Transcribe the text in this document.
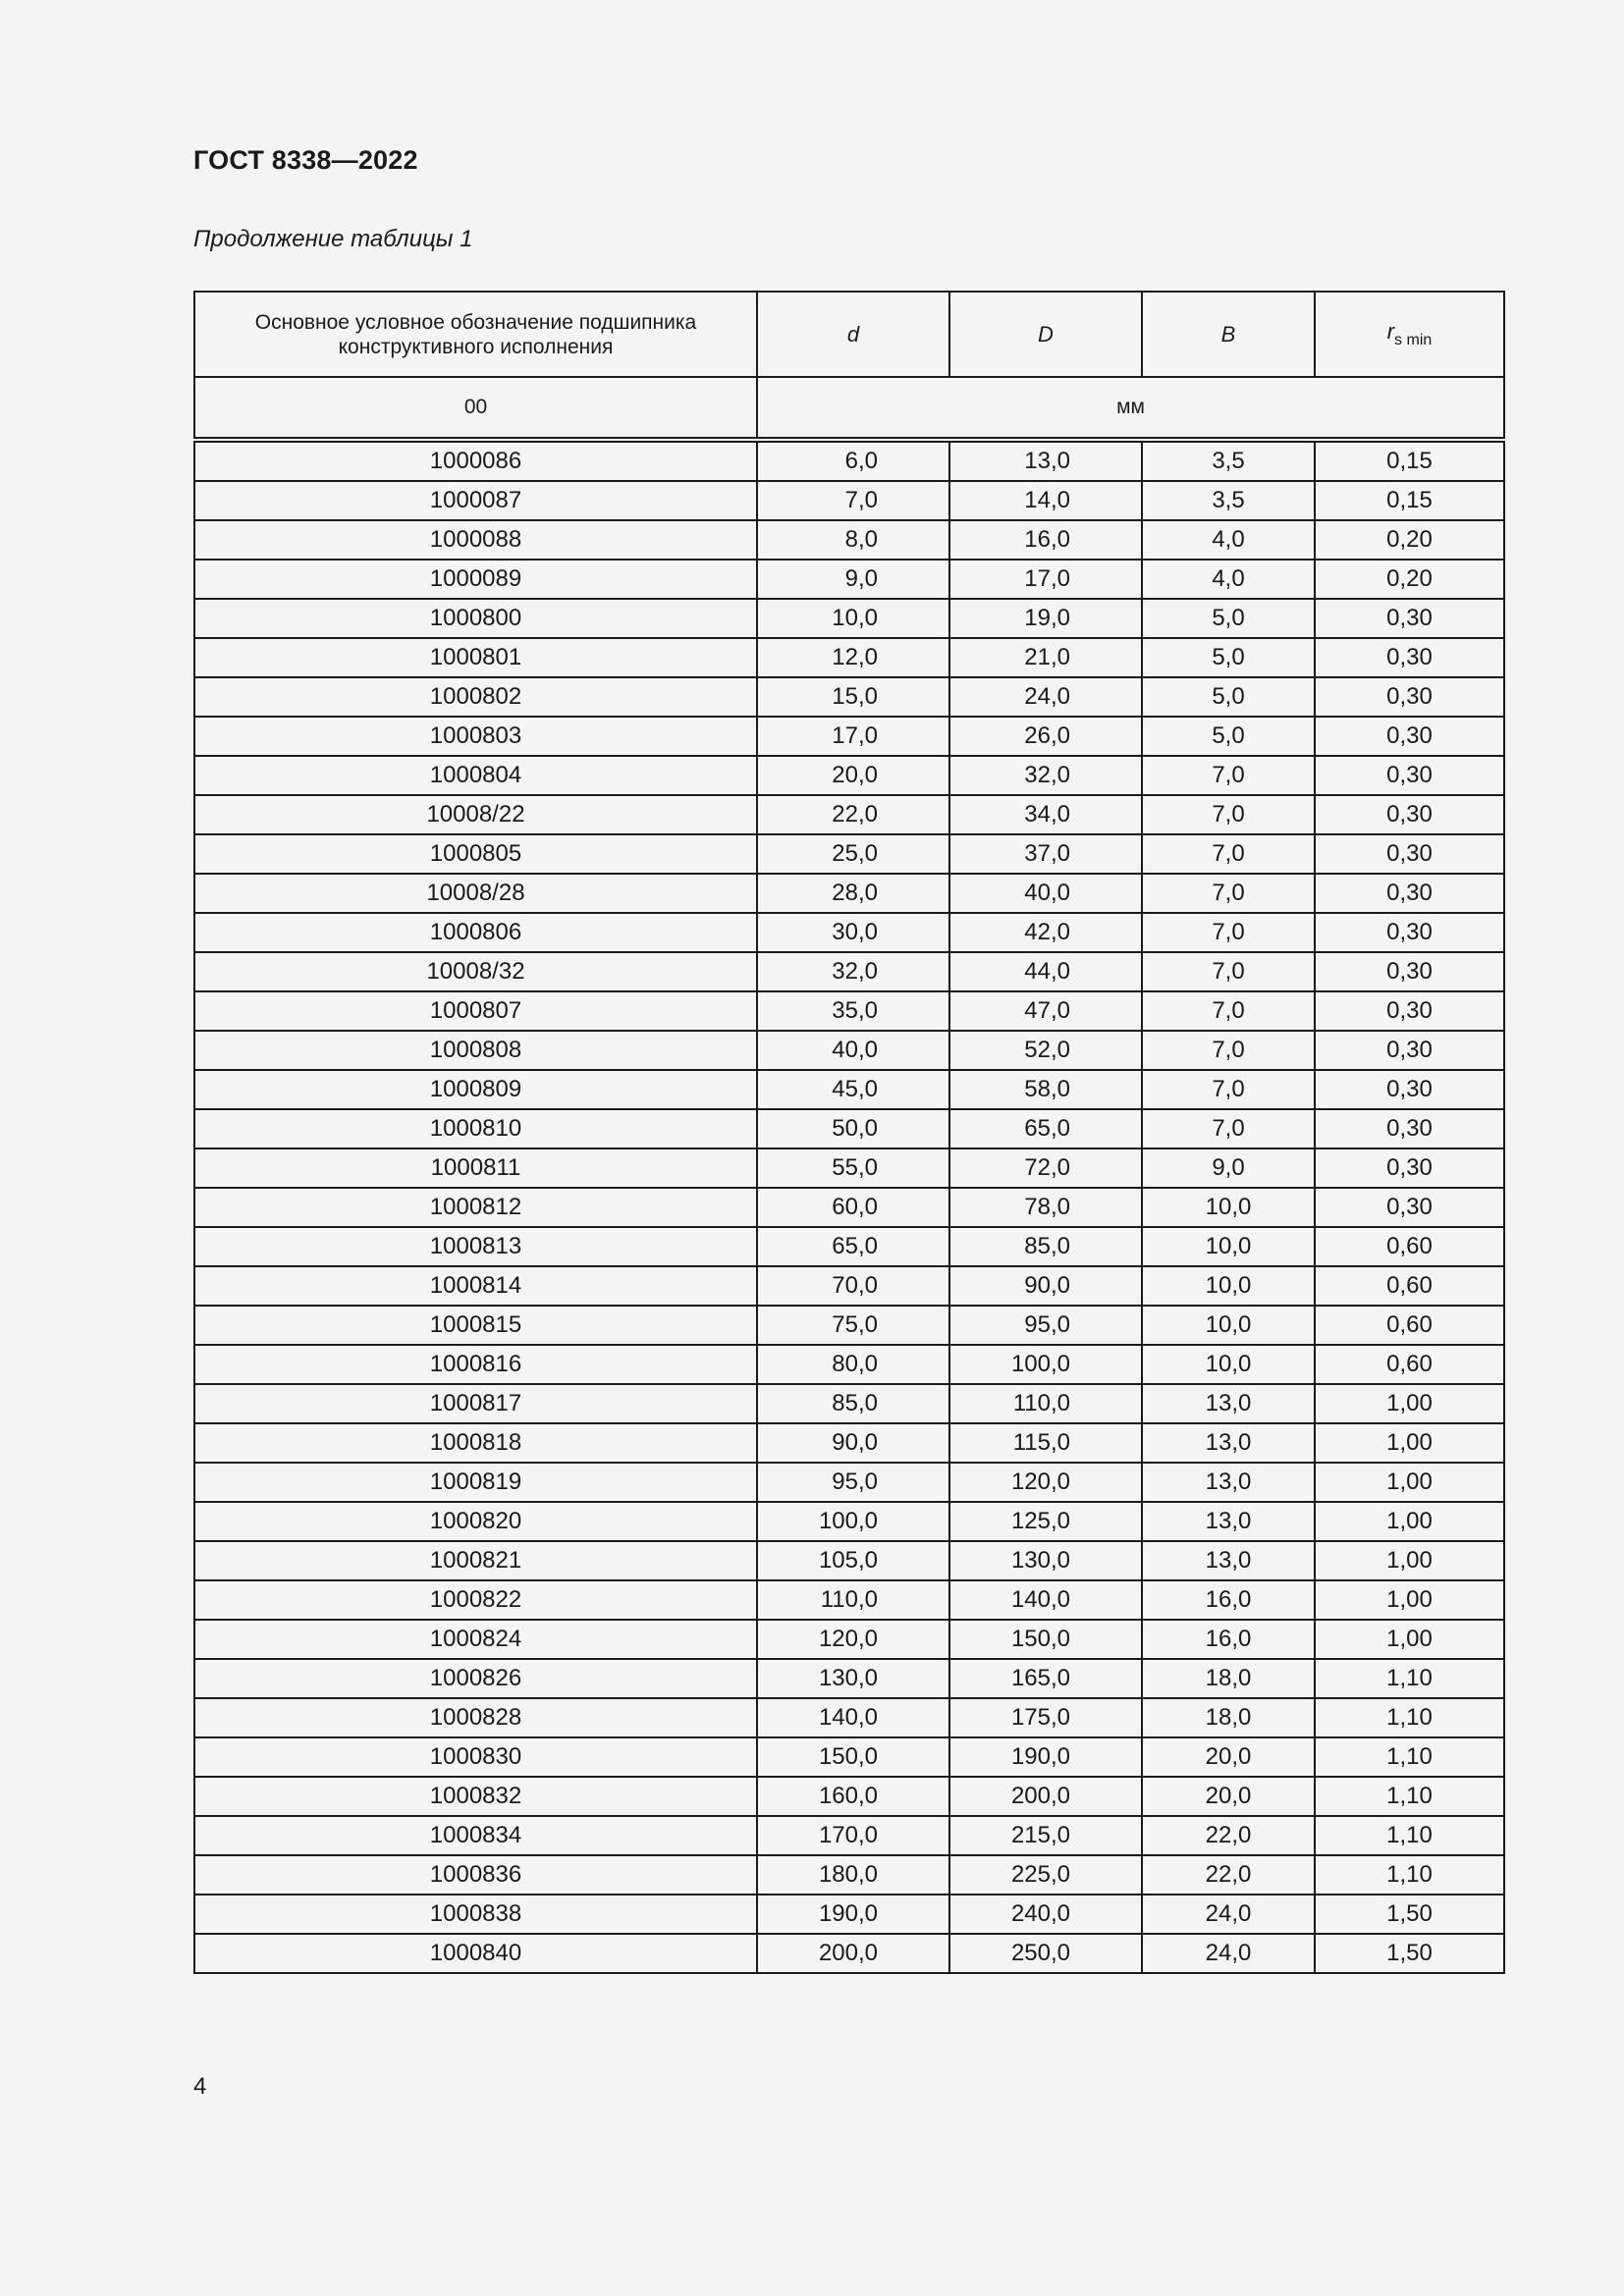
ГОСТ 8338—2022
Продолжение таблицы 1
Основное условное обозначение подшипника конструктивного исполнения	d	D	B	$r_{s min}$
00	мм			
1000086	6,0	13,0	3,5	0,15
1000087	7,0	14,0	3,5	0,15
1000088	8,0	16,0	4,0	0,20
1000089	9,0	17,0	4,0	0,20
1000800	10,0	19,0	5,0	0,30
1000801	12,0	21,0	5,0	0,30
1000802	15,0	24,0	5,0	0,30
1000803	17,0	26,0	5,0	0,30
1000804	20,0	32,0	7,0	0,30
10008/22	22,0	34,0	7,0	0,30
1000805	25,0	37,0	7,0	0,30
10008/28	28,0	40,0	7,0	0,30
1000806	30,0	42,0	7,0	0,30
10008/32	32,0	44,0	7,0	0,30
1000807	35,0	47,0	7,0	0,30
1000808	40,0	52,0	7,0	0,30
1000809	45,0	58,0	7,0	0,30
1000810	50,0	65,0	7,0	0,30
1000811	55,0	72,0	9,0	0,30
1000812	60,0	78,0	10,0	0,30
1000813	65,0	85,0	10,0	0,60
1000814	70,0	90,0	10,0	0,60
1000815	75,0	95,0	10,0	0,60
1000816	80,0	100,0	10,0	0,60
1000817	85,0	110,0	13,0	1,00
1000818	90,0	115,0	13,0	1,00
1000819	95,0	120,0	13,0	1,00
1000820	100,0	125,0	13,0	1,00
1000821	105,0	130,0	13,0	1,00
1000822	110,0	140,0	16,0	1,00
1000824	120,0	150,0	16,0	1,00
1000826	130,0	165,0	18,0	1,10
1000828	140,0	175,0	18,0	1,10
1000830	150,0	190,0	20,0	1,10
1000832	160,0	200,0	20,0	1,10
1000834	170,0	215,0	22,0	1,10
1000836	180,0	225,0	22,0	1,10
1000838	190,0	240,0	24,0	1,50
1000840	200,0	250,0	24,0	1,50
4
